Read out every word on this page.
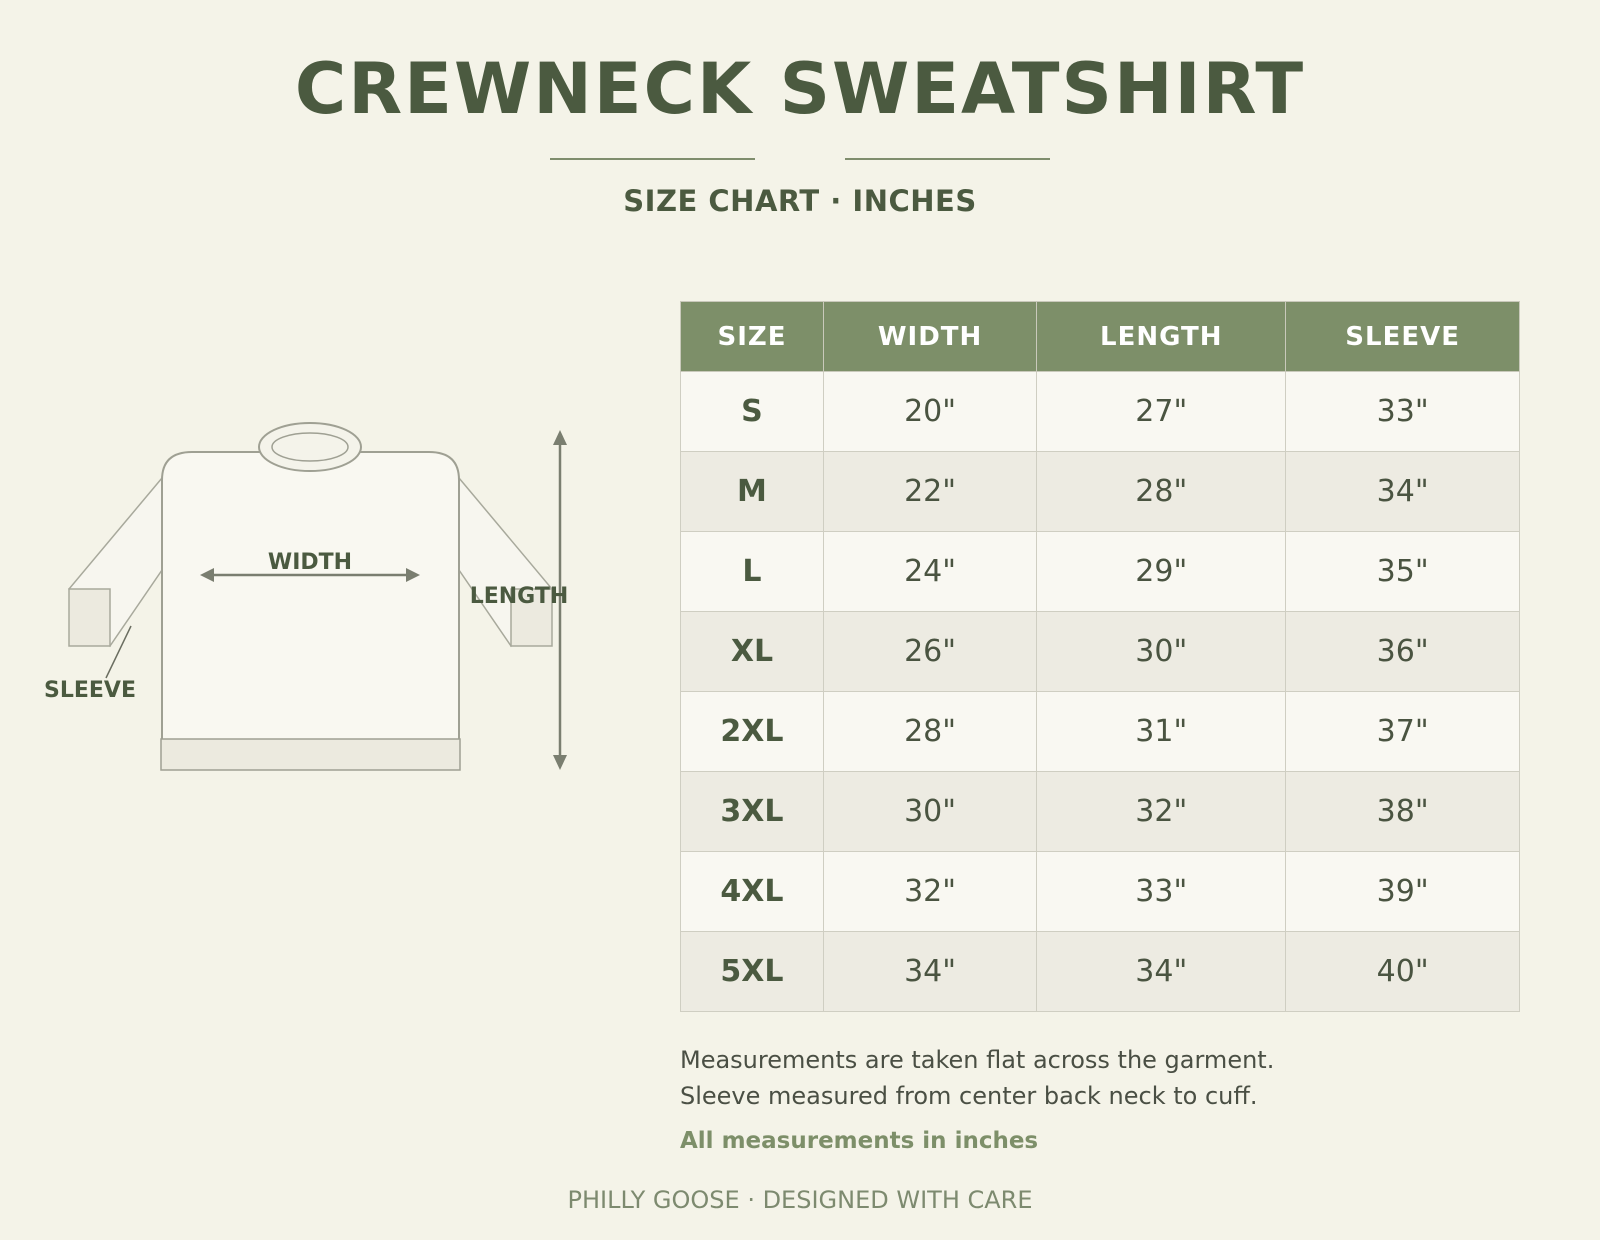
CREWNECK SWEATSHIRT
SIZE CHART · INCHES
WIDTH
LENGTH
SLEEVE
SIZE	WIDTH	LENGTH	SLEEVE
S	20"	27"	33"
M	22"	28"	34"
L	24"	29"	35"
XL	26"	30"	36"
2XL	28"	31"	37"
3XL	30"	32"	38"
4XL	32"	33"	39"
5XL	34"	34"	40"
Measurements are taken flat across the garment.
Sleeve measured from center back neck to cuff.
All measurements in inches
PHILLY GOOSE · DESIGNED WITH CARE
